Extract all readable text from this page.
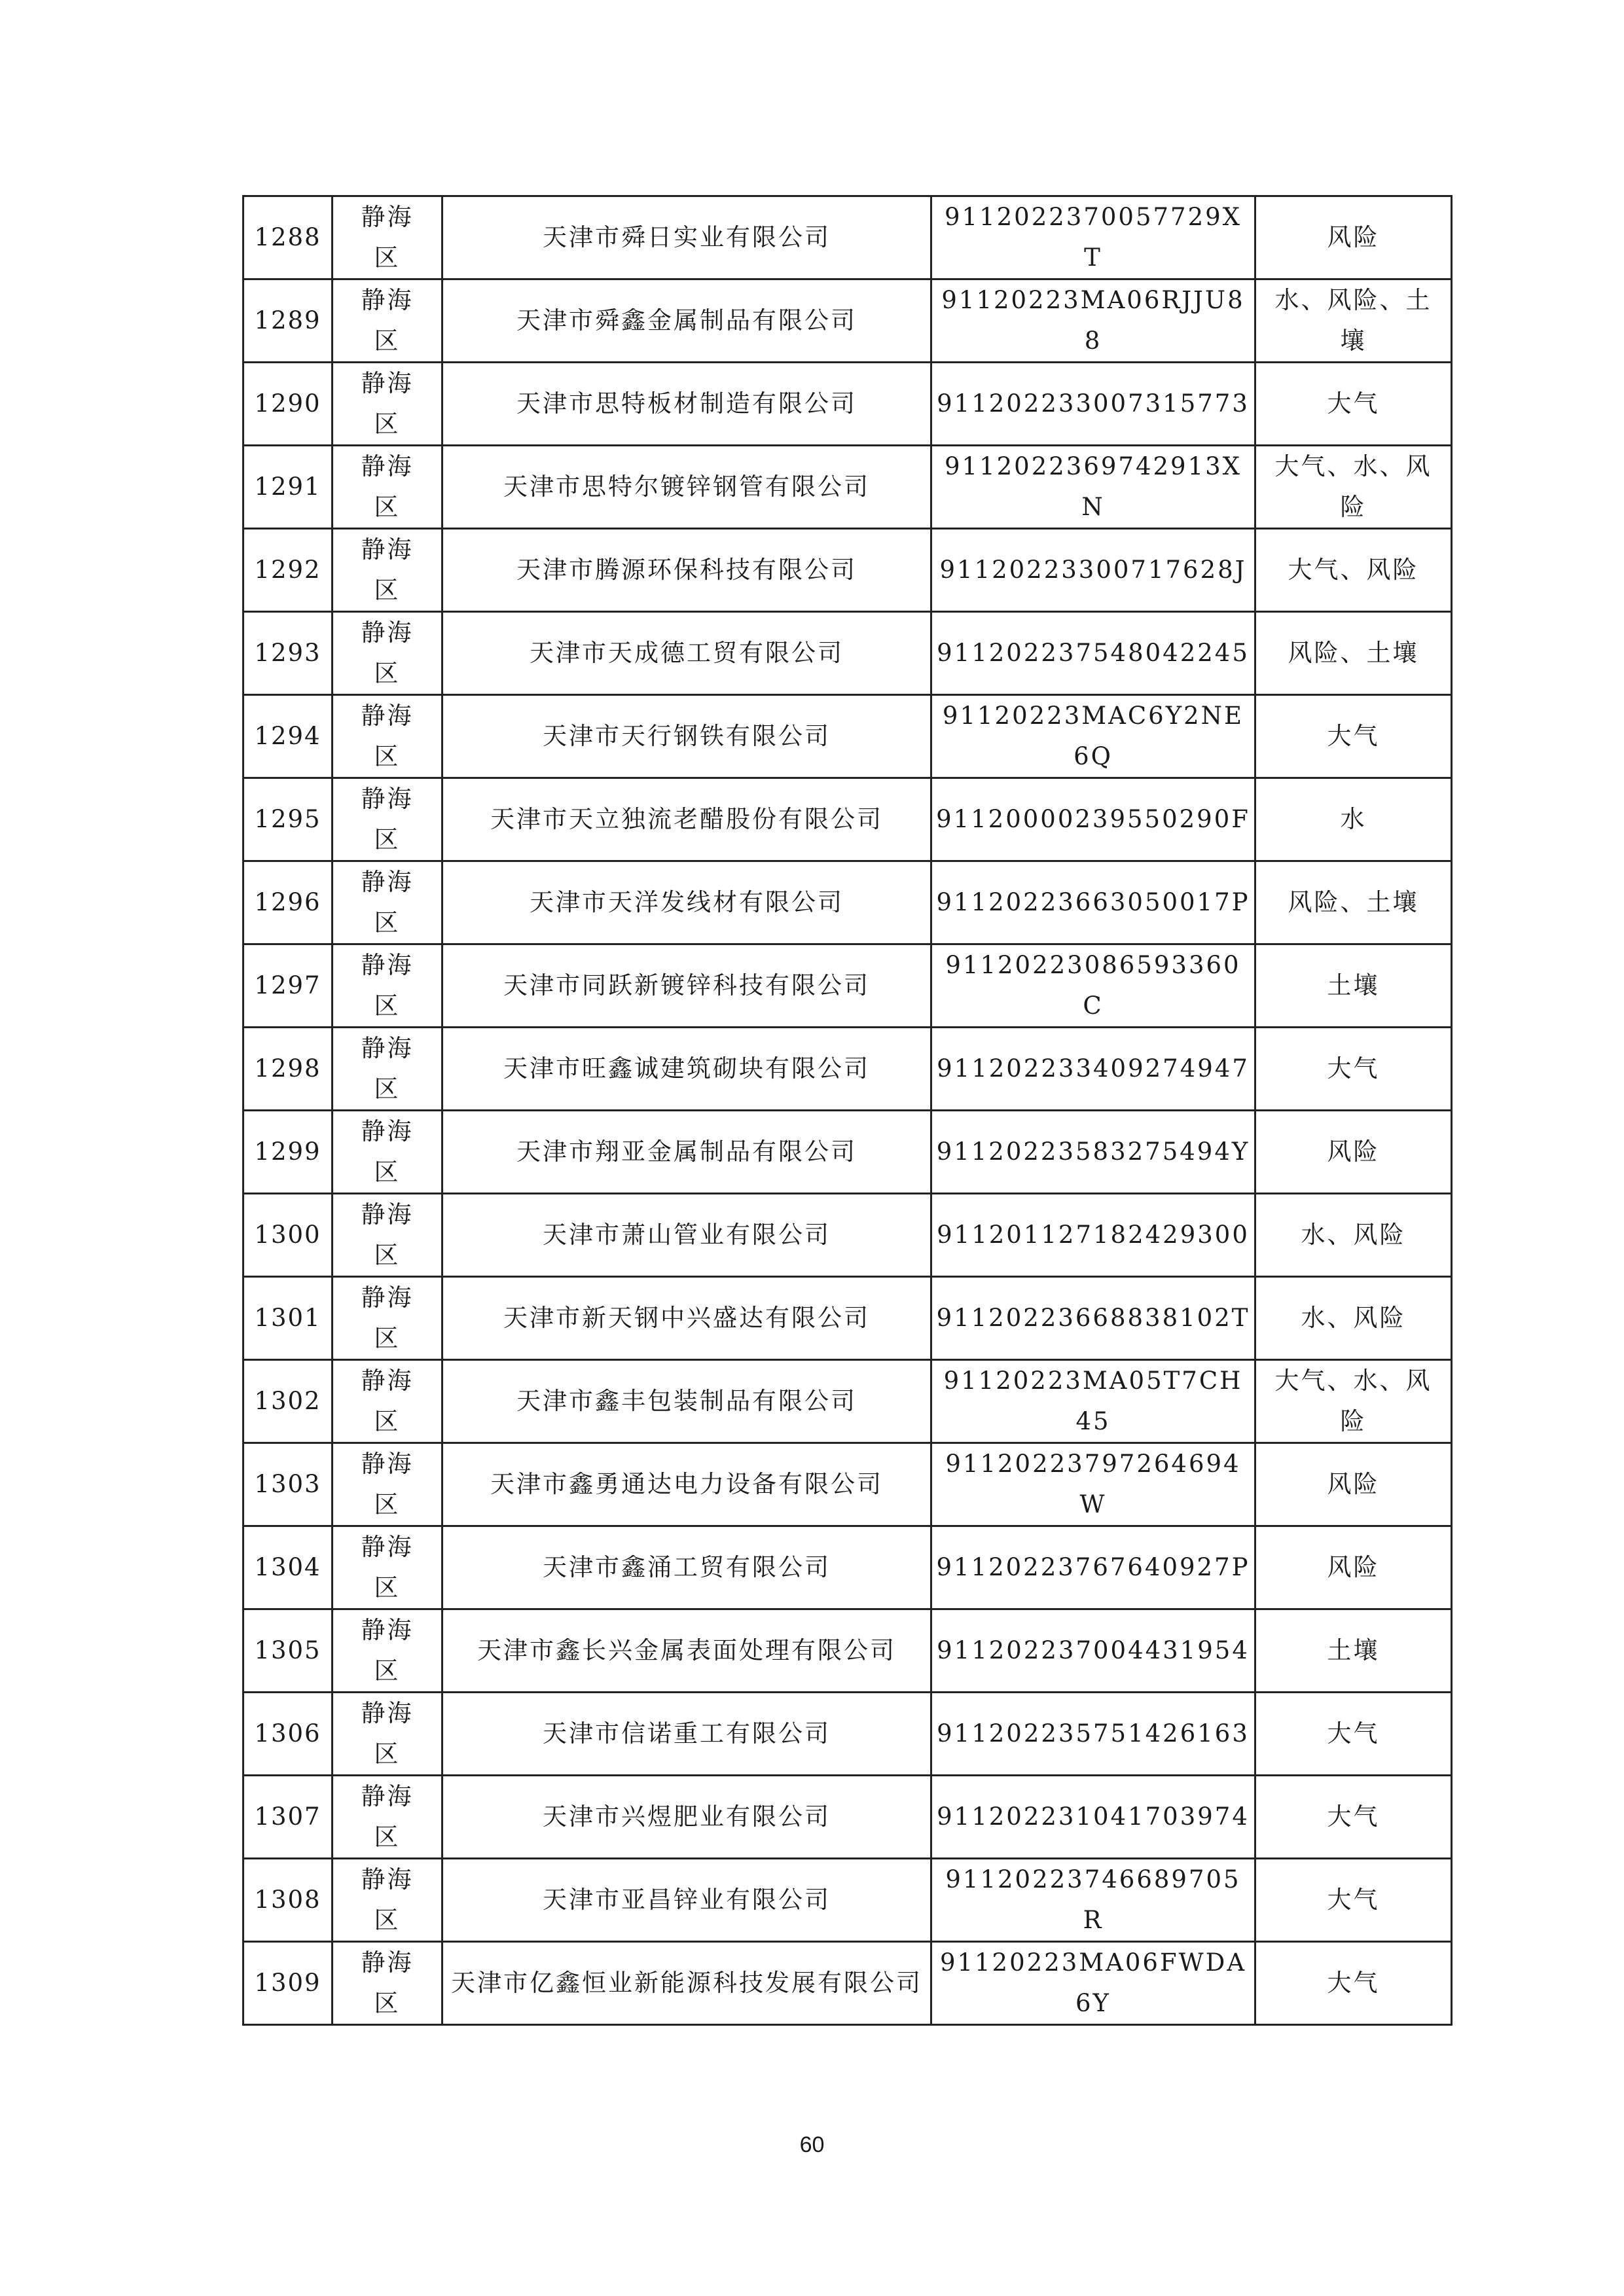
1288	静海区	天津市舜日实业有限公司	9112022370057729XT	风险
1289	静海区	天津市舜鑫金属制品有限公司	91120223MA06RJJU88	水、风险、土壤
1290	静海区	天津市思特板材制造有限公司	911202233007315773	大气
1291	静海区	天津市思特尔镀锌钢管有限公司	9112022369742913XN	大气、水、风险
1292	静海区	天津市腾源环保科技有限公司	91120223300717628J	大气、风险
1293	静海区	天津市天成德工贸有限公司	911202237548042245	风险、土壤
1294	静海区	天津市天行钢铁有限公司	91120223MAC6Y2NE6Q	大气
1295	静海区	天津市天立独流老醋股份有限公司	91120000239550290F	水
1296	静海区	天津市天洋发线材有限公司	91120223663050017P	风险、土壤
1297	静海区	天津市同跃新镀锌科技有限公司	91120223086593360C	土壤
1298	静海区	天津市旺鑫诚建筑砌块有限公司	911202233409274947	大气
1299	静海区	天津市翔亚金属制品有限公司	91120223583275494Y	风险
1300	静海区	天津市萧山管业有限公司	911201127182429300	水、风险
1301	静海区	天津市新天钢中兴盛达有限公司	91120223668838102T	水、风险
1302	静海区	天津市鑫丰包装制品有限公司	91120223MA05T7CH45	大气、水、风险
1303	静海区	天津市鑫勇通达电力设备有限公司	91120223797264694W	风险
1304	静海区	天津市鑫涌工贸有限公司	91120223767640927P	风险
1305	静海区	天津市鑫长兴金属表面处理有限公司	911202237004431954	土壤
1306	静海区	天津市信诺重工有限公司	911202235751426163	大气
1307	静海区	天津市兴煜肥业有限公司	911202231041703974	大气
1308	静海区	天津市亚昌锌业有限公司	91120223746689705R	大气
1309	静海区	天津市亿鑫恒业新能源科技发展有限公司	91120223MA06FWDA6Y	大气
60
